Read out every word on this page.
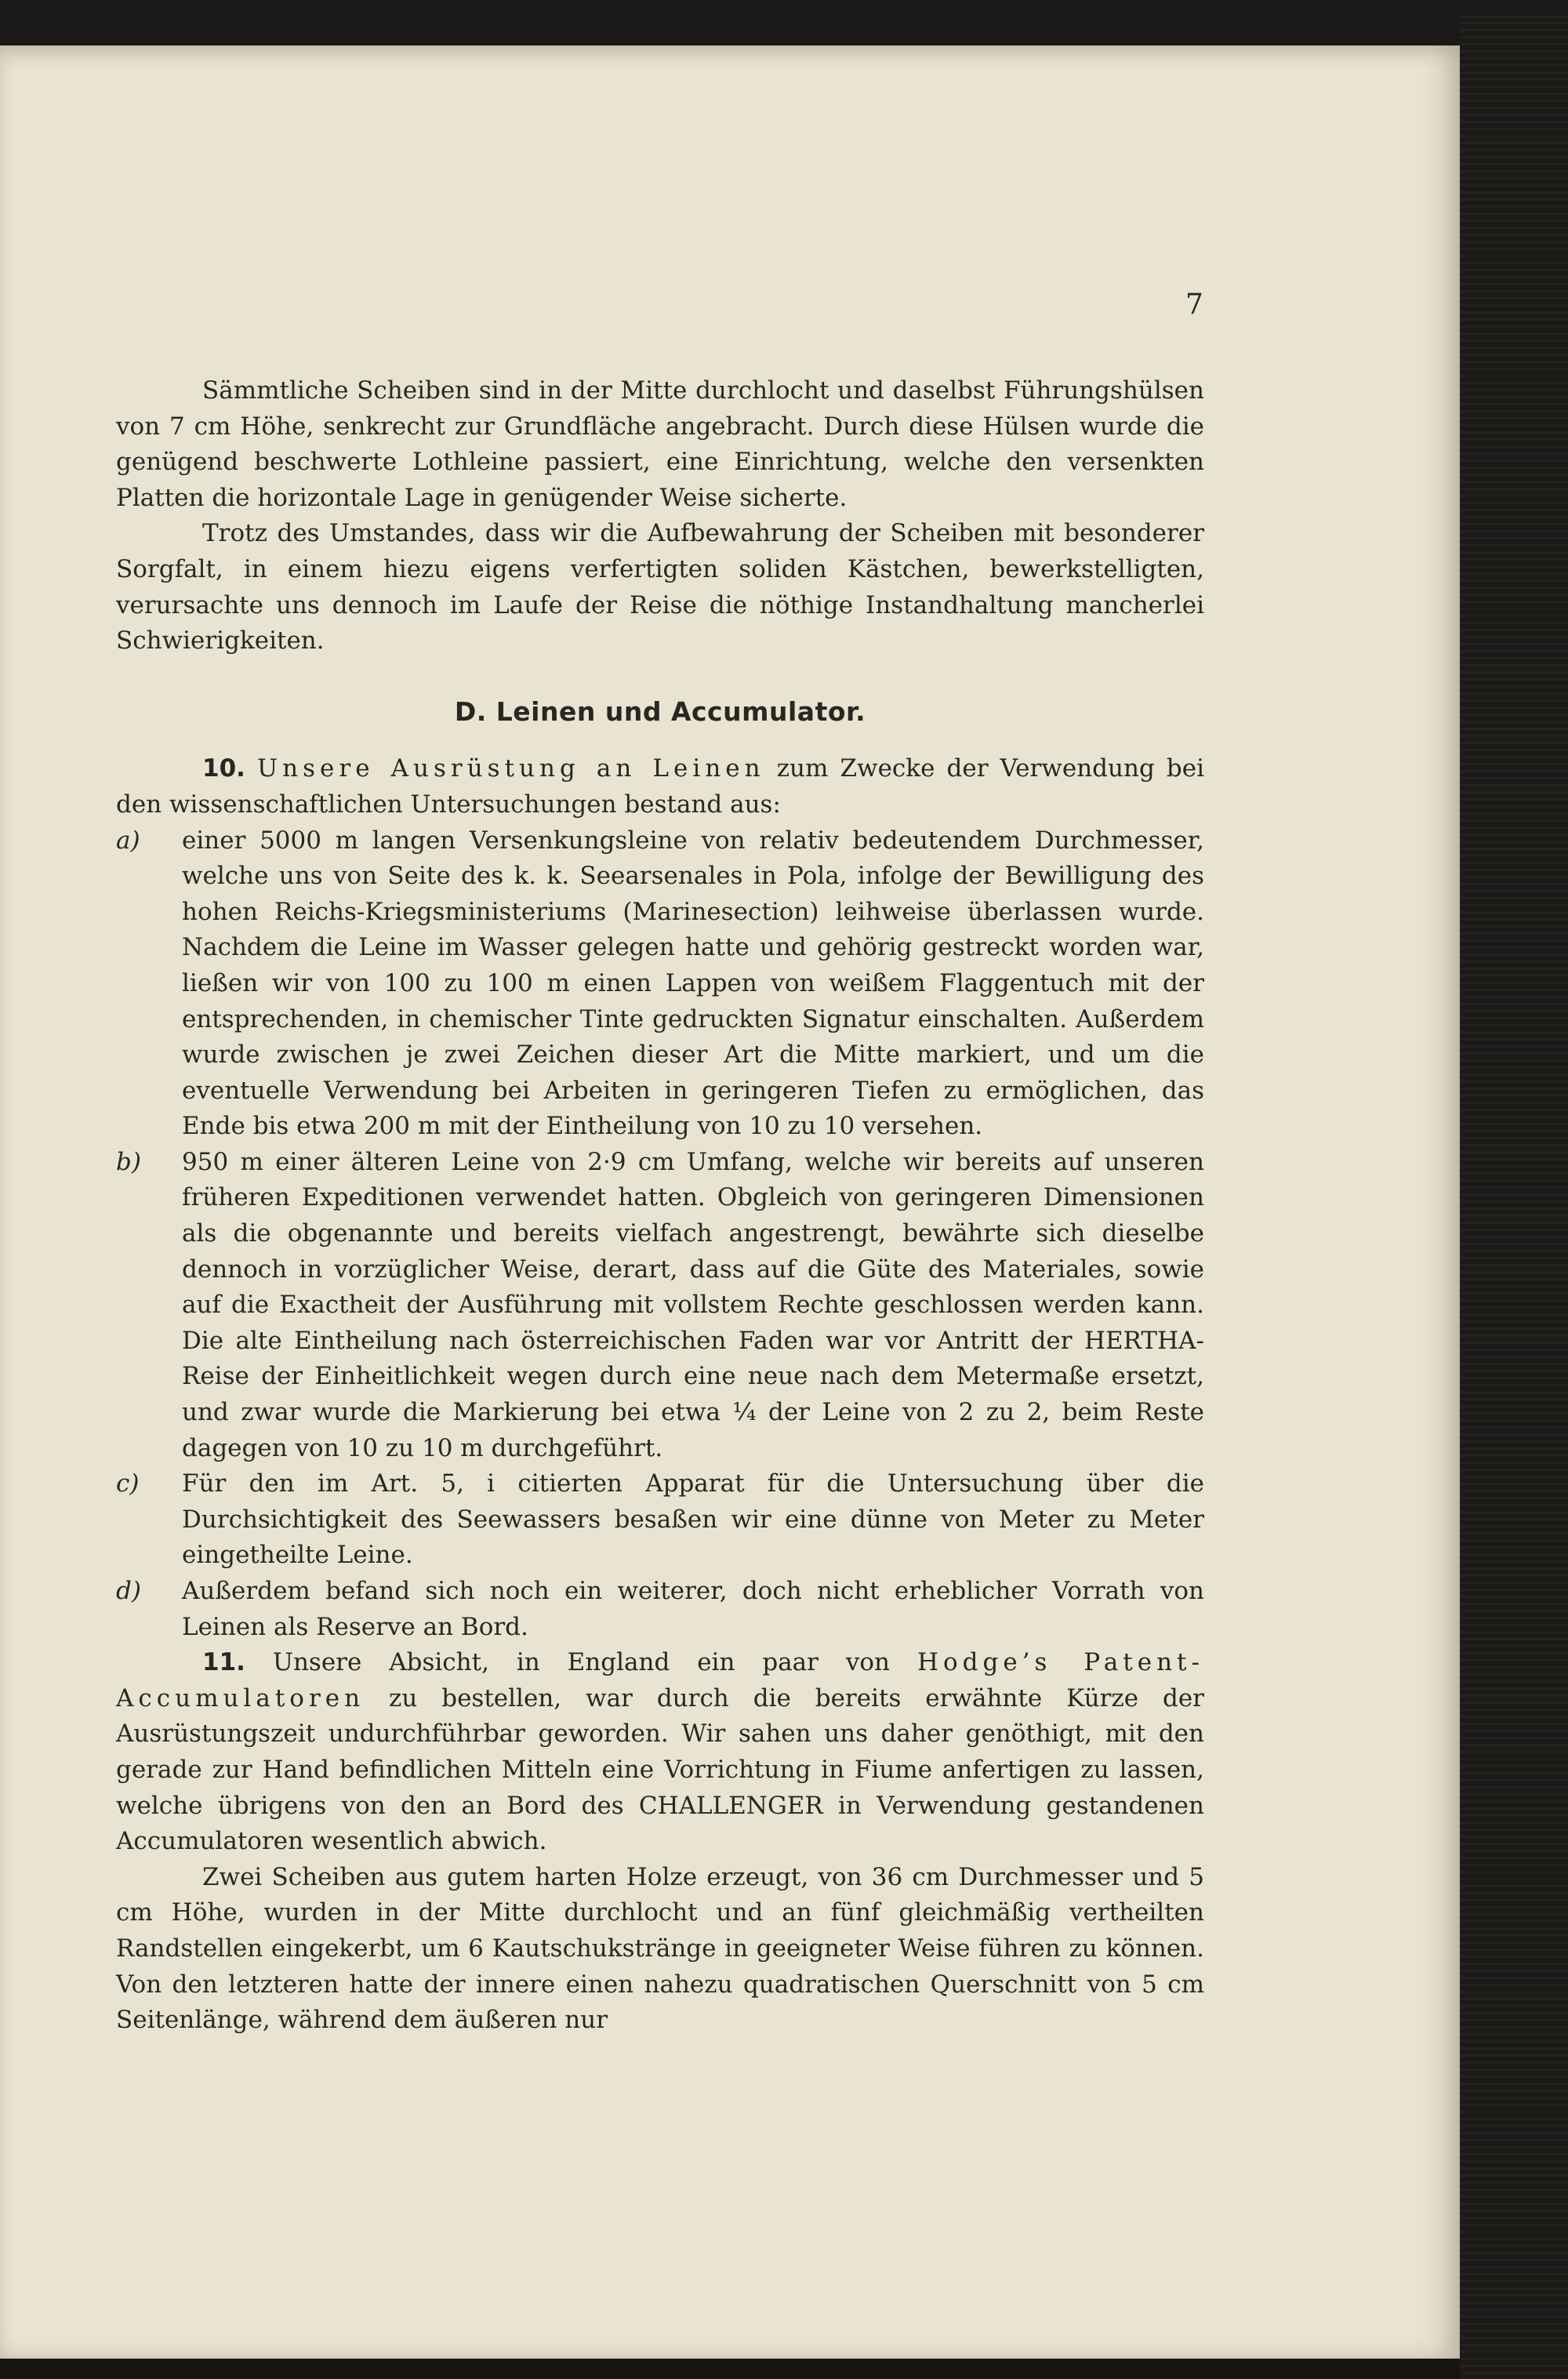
7

Sämmtliche Scheiben sind in der Mitte durchlocht und daselbst Führungshülsen von 7 cm Höhe, senkrecht zur Grundfläche angebracht. Durch diese Hülsen wurde die genügend beschwerte Lothleine passiert, eine Einrichtung, welche den versenkten Platten die horizontale Lage in genügender Weise sicherte.

Trotz des Umstandes, dass wir die Aufbewahrung der Scheiben mit besonderer Sorgfalt, in einem hiezu eigens verfertigten soliden Kästchen, bewerkstelligten, verursachte uns dennoch im Laufe der Reise die nöthige Instandhaltung mancherlei Schwierigkeiten.

D. Leinen und Accumulator.

10. Unsere Ausrüstung an Leinen zum Zwecke der Verwendung bei den wissenschaftlichen Untersuchungen bestand aus:

a) einer 5000 m langen Versenkungsleine von relativ bedeutendem Durchmesser, welche uns von Seite des k. k. Seearsenales in Pola, infolge der Bewilligung des hohen Reichs-Kriegsministeriums (Marinesection) leihweise überlassen wurde. Nachdem die Leine im Wasser gelegen hatte und gehörig gestreckt worden war, ließen wir von 100 zu 100 m einen Lappen von weißem Flaggentuch mit der entsprechenden, in chemischer Tinte gedruckten Signatur einschalten. Außerdem wurde zwischen je zwei Zeichen dieser Art die Mitte markiert, und um die eventuelle Verwendung bei Arbeiten in geringeren Tiefen zu ermöglichen, das Ende bis etwa 200 m mit der Eintheilung von 10 zu 10 versehen.

b) 950 m einer älteren Leine von 2·9 cm Umfang, welche wir bereits auf unseren früheren Expeditionen verwendet hatten. Obgleich von geringeren Dimensionen als die obgenannte und bereits vielfach angestrengt, bewährte sich dieselbe dennoch in vorzüglicher Weise, derart, dass auf die Güte des Materiales, sowie auf die Exactheit der Ausführung mit vollstem Rechte geschlossen werden kann. Die alte Eintheilung nach österreichischen Faden war vor Antritt der HERTHA-Reise der Einheitlichkeit wegen durch eine neue nach dem Metermaße ersetzt, und zwar wurde die Markierung bei etwa ¹⁄₄ der Leine von 2 zu 2, beim Reste dagegen von 10 zu 10 m durchgeführt.

c) Für den im Art. 5, i citierten Apparat für die Untersuchung über die Durchsichtigkeit des Seewassers besaßen wir eine dünne von Meter zu Meter eingetheilte Leine.

d) Außerdem befand sich noch ein weiterer, doch nicht erheblicher Vorrath von Leinen als Reserve an Bord.

11. Unsere Absicht, in England ein paar von Hodge’s Patent-Accumulatoren zu bestellen, war durch die bereits erwähnte Kürze der Ausrüstungszeit undurchführbar geworden. Wir sahen uns daher genöthigt, mit den gerade zur Hand befindlichen Mitteln eine Vorrichtung in Fiume anfertigen zu lassen, welche übrigens von den an Bord des CHALLENGER in Verwendung gestandenen Accumulatoren wesentlich abwich.

Zwei Scheiben aus gutem harten Holze erzeugt, von 36 cm Durchmesser und 5 cm Höhe, wurden in der Mitte durchlocht und an fünf gleichmäßig vertheilten Randstellen eingekerbt, um 6 Kautschukstränge in geeigneter Weise führen zu können. Von den letzteren hatte der innere einen nahezu quadratischen Querschnitt von 5 cm Seitenlänge, während dem äußeren nur
